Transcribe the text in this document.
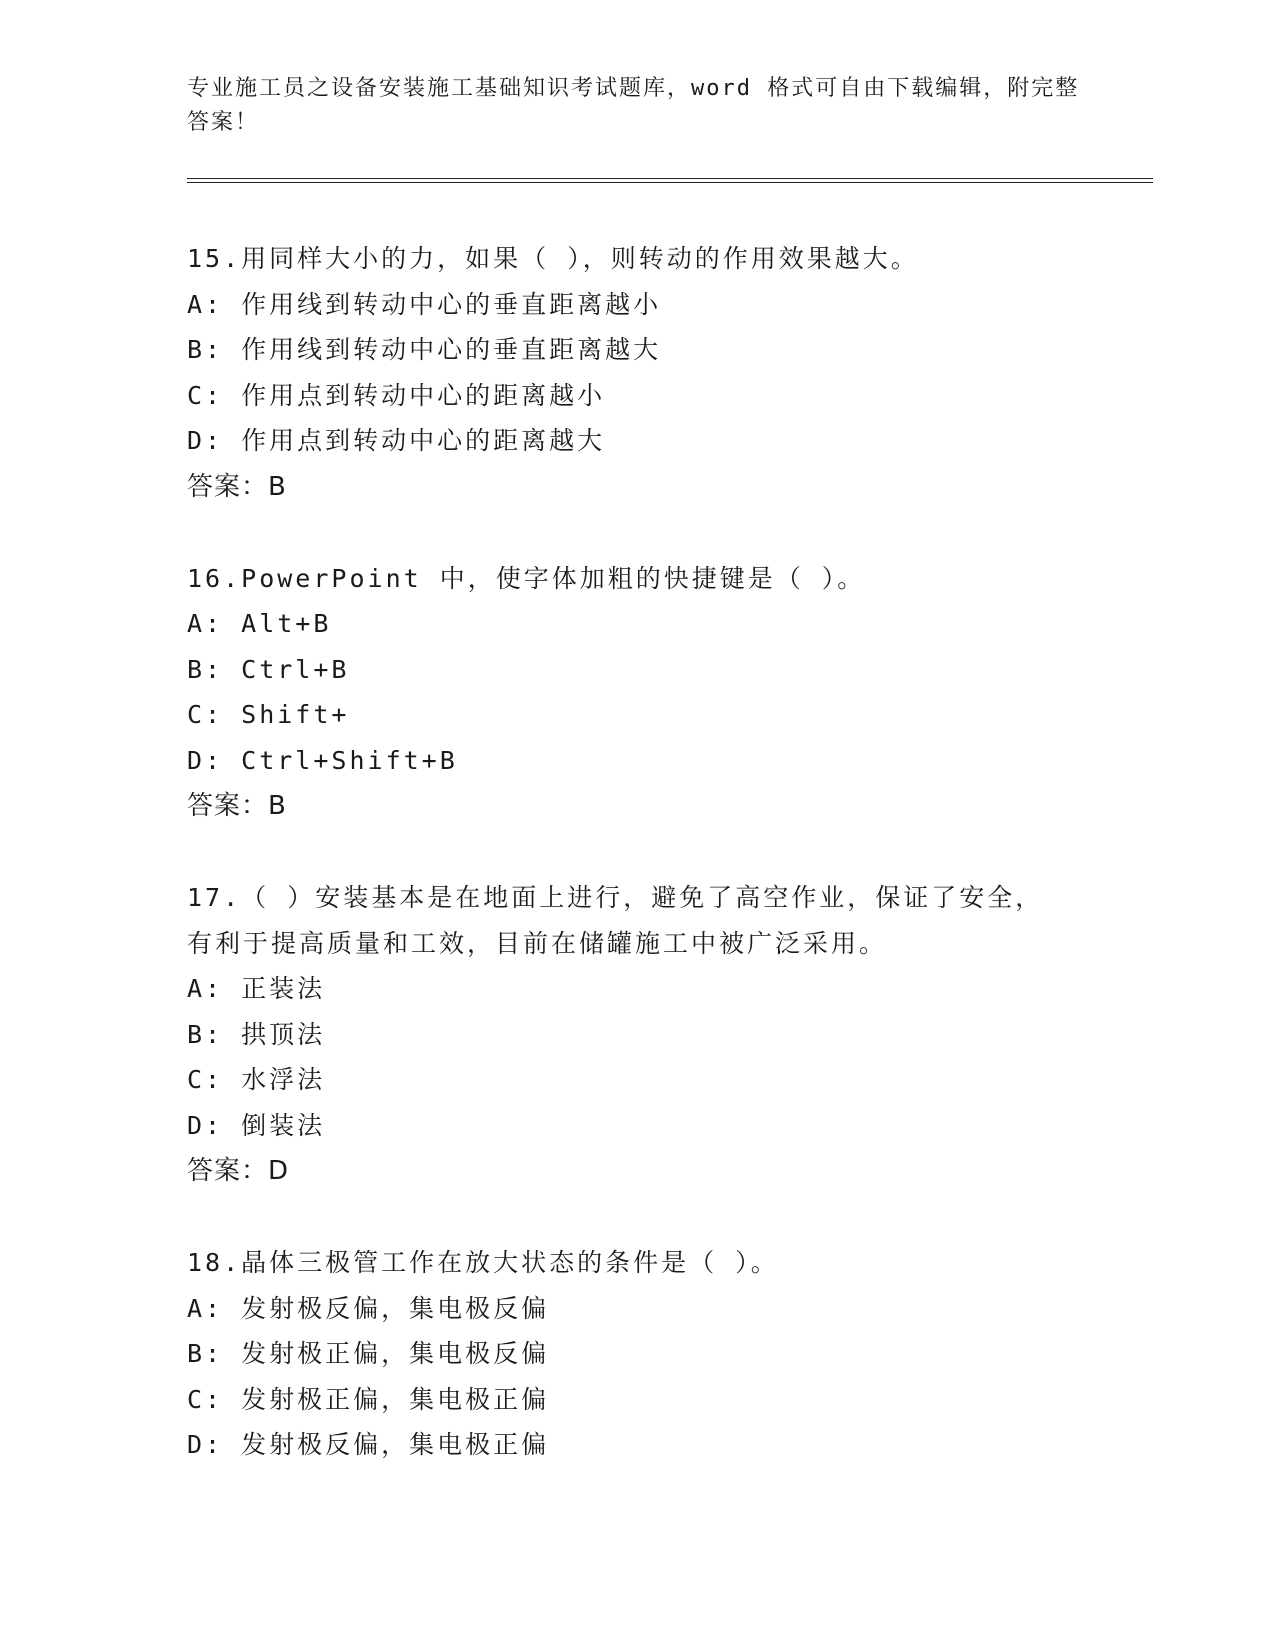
专业施工员之设备安装施工基础知识考试题库，word 格式可自由下载编辑，附完整答案！
15.用同样大小的力，如果（ ），则转动的作用效果越大。
A: 作用线到转动中心的垂直距离越小
B: 作用线到转动中心的垂直距离越大
C: 作用点到转动中心的距离越小
D: 作用点到转动中心的距离越大
答案：B
16.PowerPoint 中，使字体加粗的快捷键是（ ）。
A: Alt+B
B: Ctrl+B
C: Shift+
D: Ctrl+Shift+B
答案：B
17.（ ）安装基本是在地面上进行，避免了高空作业，保证了安全，有利于提高质量和工效，目前在储罐施工中被广泛采用。
A: 正装法
B: 拱顶法
C: 水浮法
D: 倒装法
答案：D
18.晶体三极管工作在放大状态的条件是（ ）。
A: 发射极反偏，集电极反偏
B: 发射极正偏，集电极反偏
C: 发射极正偏，集电极正偏
D: 发射极反偏，集电极正偏
